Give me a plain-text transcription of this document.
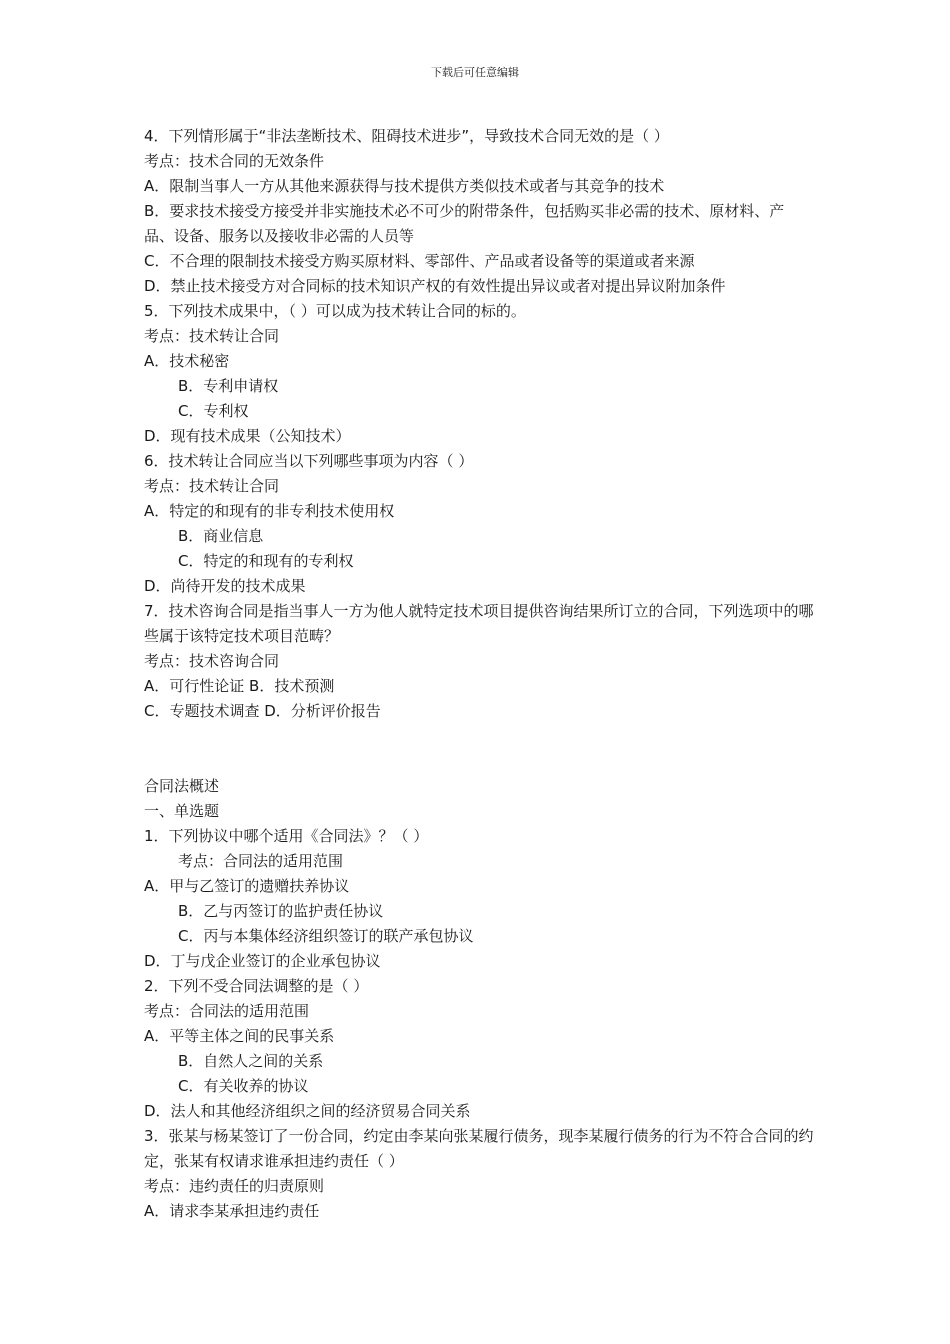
下载后可任意编辑
4．下列情形属于“非法垄断技术、阻碍技术进步”，导致技术合同无效的是（ ）
考点：技术合同的无效条件
A．限制当事人一方从其他来源获得与技术提供方类似技术或者与其竞争的技术
B．要求技术接受方接受并非实施技术必不可少的附带条件，包括购买非必需的技术、原材料、产品、设备、服务以及接收非必需的人员等
C．不合理的限制技术接受方购买原材料、零部件、产品或者设备等的渠道或者来源
D．禁止技术接受方对合同标的技术知识产权的有效性提出异议或者对提出异议附加条件
5．下列技术成果中，（ ）可以成为技术转让合同的标的。
考点：技术转让合同
A．技术秘密
B．专利申请权
C．专利权
D．现有技术成果（公知技术）
6．技术转让合同应当以下列哪些事项为内容（ ）
考点：技术转让合同
A．特定的和现有的非专利技术使用权
B．商业信息
C．特定的和现有的专利权
D．尚待开发的技术成果
7．技术咨询合同是指当事人一方为他人就特定技术项目提供咨询结果所订立的合同，下列选项中的哪些属于该特定技术项目范畴？
考点：技术咨询合同
A．可行性论证 B．技术预测
C．专题技术调查 D．分析评价报告
合同法概述
一、单选题
1．下列协议中哪个适用《合同法》？（ ）
考点：合同法的适用范围
A．甲与乙签订的遗赠扶养协议
B．乙与丙签订的监护责任协议
C．丙与本集体经济组织签订的联产承包协议
D．丁与戊企业签订的企业承包协议
2．下列不受合同法调整的是（ ）
考点：合同法的适用范围
A．平等主体之间的民事关系
B．自然人之间的关系
C．有关收养的协议
D．法人和其他经济组织之间的经济贸易合同关系
3．张某与杨某签订了一份合同，约定由李某向张某履行债务，现李某履行债务的行为不符合合同的约定，张某有权请求谁承担违约责任（ ）
考点：违约责任的归责原则
A．请求李某承担违约责任
